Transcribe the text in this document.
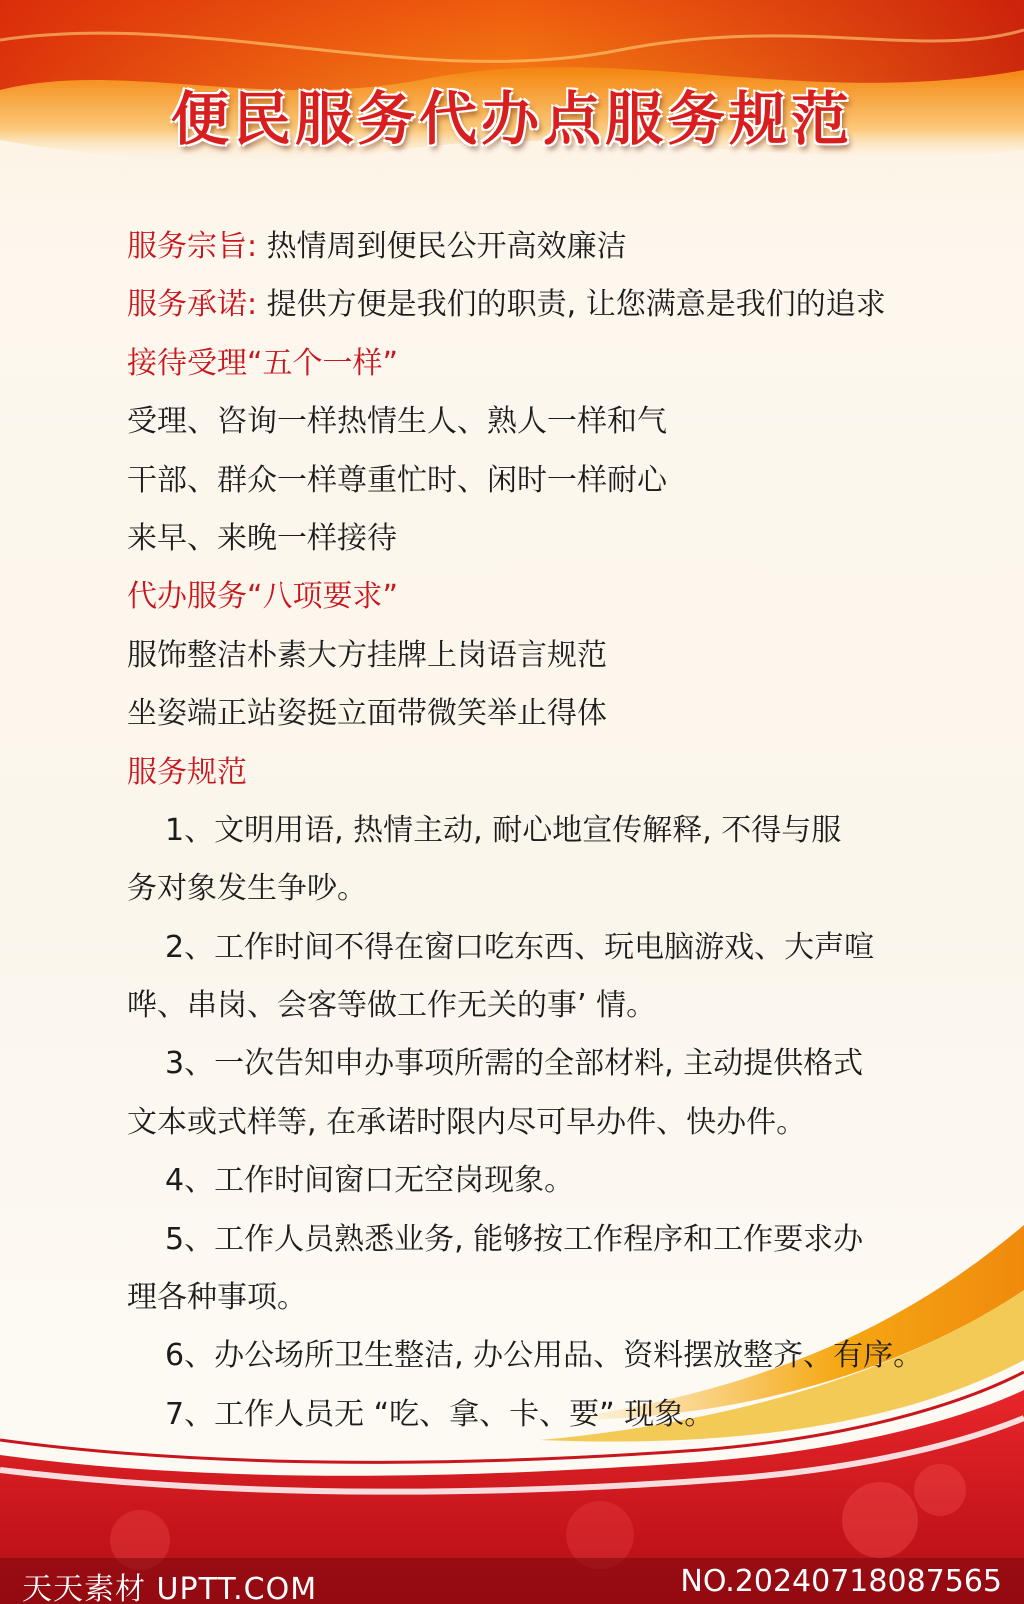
便民服务代办点服务规范
服务宗旨: 热情周到便民公开高效廉洁
服务承诺: 提供方便是我们的职责, 让您满意是我们的追求
接待受理“五个一样”
受理、咨询一样热情生人、熟人一样和气
干部、群众一样尊重忙时、闲时一样耐心
来早、来晚一样接待
代办服务“八项要求”
服饰整洁朴素大方挂牌上岗语言规范
坐姿端正站姿挺立面带微笑举止得体
服务规范
1、文明用语, 热情主动, 耐心地宣传解释, 不得与服
务对象发生争吵。
2、工作时间不得在窗口吃东西、玩电脑游戏、大声喧
哗、串岗、会客等做工作无关的事’ 情。
3、一次告知申办事项所需的全部材料, 主动提供格式
文本或式样等, 在承诺时限内尽可早办件、快办件。
4、工作时间窗口无空岗现象。
5、工作人员熟悉业务, 能够按工作程序和工作要求办
理各种事项。
6、办公场所卫生整洁, 办公用品、资料摆放整齐、有序。
7、工作人员无 “吃、拿、卡、要” 现象。
天天素材 UPTT.COM	NO.20240718087565
